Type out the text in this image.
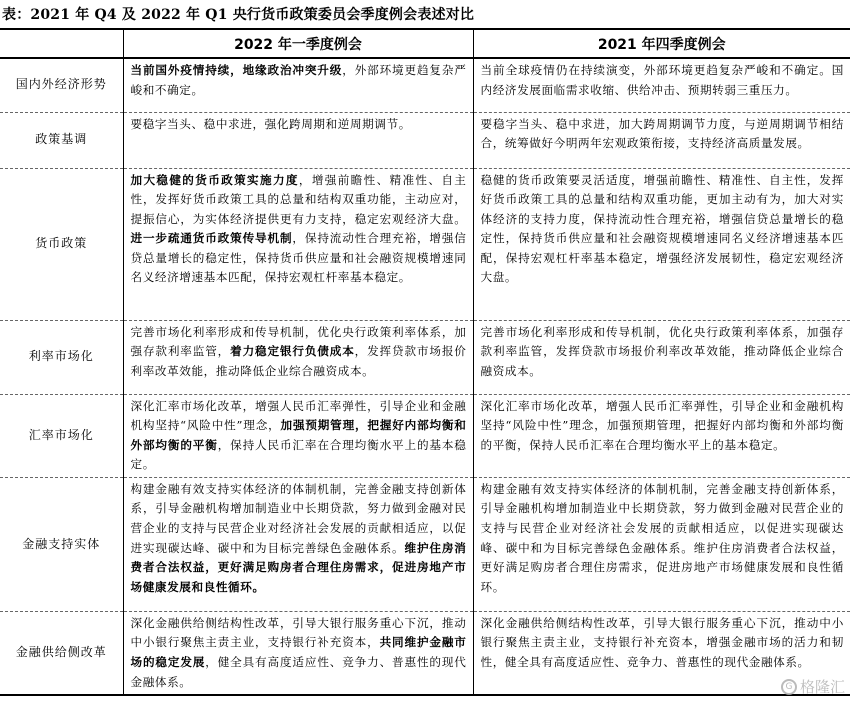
表：2021 年 Q4 及 2022 年 Q1 央行货币政策委员会季度例会表述对比
	2022 年一季度例会	2021 年四季度例会
国内外经济形势	当前国外疫情持续，地缘政治冲突升级，外部环境更趋复杂严峻和不确定。	当前全球疫情仍在持续演变，外部环境更趋复杂严峻和不确定。国内经济发展面临需求收缩、供给冲击、预期转弱三重压力。
政策基调	要稳字当头、稳中求进，强化跨周期和逆周期调节。	要稳字当头、稳中求进，加大跨周期调节力度，与逆周期调节相结合，统筹做好今明两年宏观政策衔接，支持经济高质量发展。
货币政策	加大稳健的货币政策实施力度，增强前瞻性、精准性、自主性，发挥好货币政策工具的总量和结构双重功能，主动应对，提振信心，为实体经济提供更有力支持，稳定宏观经济大盘。进一步疏通货币政策传导机制，保持流动性合理充裕，增强信贷总量增长的稳定性，保持货币供应量和社会融资规模增速同名义经济增速基本匹配，保持宏观杠杆率基本稳定。	稳健的货币政策要灵活适度，增强前瞻性、精准性、自主性，发挥好货币政策工具的总量和结构双重功能，更加主动有为，加大对实体经济的支持力度，保持流动性合理充裕，增强信贷总量增长的稳定性，保持货币供应量和社会融资规模增速同名义经济增速基本匹配，保持宏观杠杆率基本稳定，增强经济发展韧性，稳定宏观经济大盘。
利率市场化	完善市场化利率形成和传导机制，优化央行政策利率体系，加强存款利率监管，着力稳定银行负债成本，发挥贷款市场报价利率改革效能，推动降低企业综合融资成本。	完善市场化利率形成和传导机制，优化央行政策利率体系，加强存款利率监管，发挥贷款市场报价利率改革效能，推动降低企业综合融资成本。
汇率市场化	深化汇率市场化改革，增强人民币汇率弹性，引导企业和金融机构坚持“风险中性”理念，加强预期管理，把握好内部均衡和外部均衡的平衡，保持人民币汇率在合理均衡水平上的基本稳定。	深化汇率市场化改革，增强人民币汇率弹性，引导企业和金融机构坚持“风险中性”理念，加强预期管理，把握好内部均衡和外部均衡的平衡，保持人民币汇率在合理均衡水平上的基本稳定。
金融支持实体	构建金融有效支持实体经济的体制机制，完善金融支持创新体系，引导金融机构增加制造业中长期贷款，努力做到金融对民营企业的支持与民营企业对经济社会发展的贡献相适应，以促进实现碳达峰、碳中和为目标完善绿色金融体系。维护住房消费者合法权益，更好满足购房者合理住房需求，促进房地产市场健康发展和良性循环。	构建金融有效支持实体经济的体制机制，完善金融支持创新体系，引导金融机构增加制造业中长期贷款，努力做到金融对民营企业的支持与民营企业对经济社会发展的贡献相适应，以促进实现碳达峰、碳中和为目标完善绿色金融体系。维护住房消费者合法权益，更好满足购房者合理住房需求，促进房地产市场健康发展和良性循环。
金融供给侧改革	深化金融供给侧结构性改革，引导大银行服务重心下沉，推动中小银行聚焦主责主业，支持银行补充资本，共同维护金融市场的稳定发展，健全具有高度适应性、竞争力、普惠性的现代金融体系。	深化金融供给侧结构性改革，引导大银行服务重心下沉，推动中小银行聚焦主责主业，支持银行补充资本，增强金融市场的活力和韧性，健全具有高度适应性、竞争力、普惠性的现代金融体系。
G 格隆汇
